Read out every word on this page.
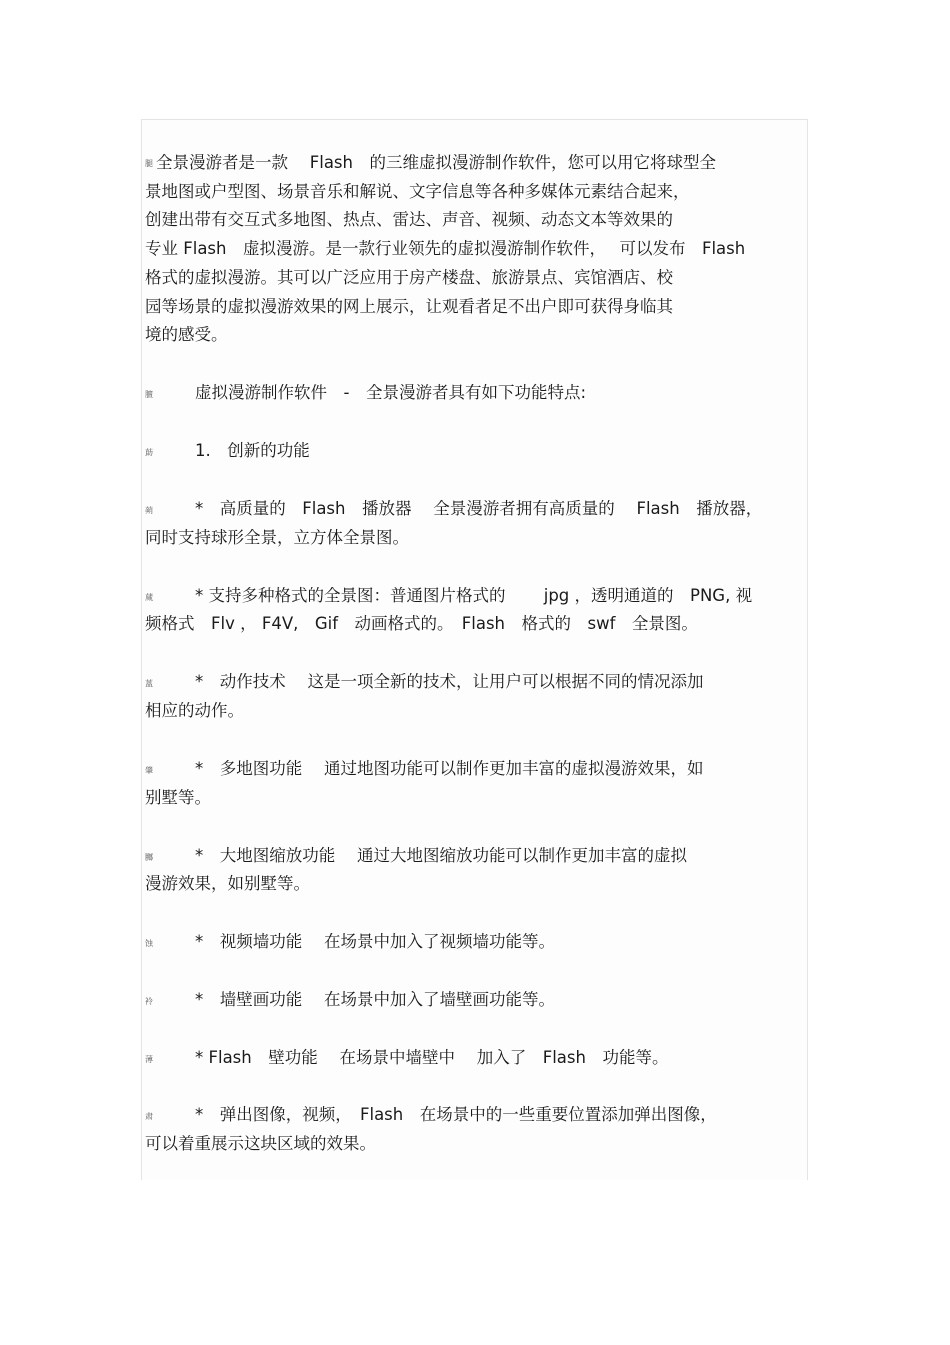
腿 全景漫游者是一款　 Flash　的三维虚拟漫游制作软件，您可以用它将球型全
景地图或户型图、场景音乐和解说、文字信息等各种多媒体元素结合起来，
创建出带有交互式多地图、热点、雷达、声音、视频、动态文本等效果的
专业 Flash　虚拟漫游。是一款行业领先的虚拟漫游制作软件，　 可以发布　Flash
格式的虚拟漫游。其可以广泛应用于房产楼盘、旅游景点、宾馆酒店、校
园等场景的虚拟漫游效果的网上展示，让观看者足不出户即可获得身临其
境的感受。
膻	虚拟漫游制作软件　-　全景漫游者具有如下功能特点:
莇	1.　创新的功能
蒴	*　高质量的　Flash　播放器　 全景漫游者拥有高质量的　 Flash　播放器，
同时支持球形全景，立方体全景图。
蒇	* 支持多种格式的全景图：普通图片格式的　　 jpg ，透明通道的　PNG, 视
频格式　Flv ， F4V,　Gif　动画格式的。　Flash　格式的　swf　全景图。
蒕	*　动作技术　 这是一项全新的技术，让用户可以根据不同的情况添加
相应的动作。
肇	*　多地图功能　 通过地图功能可以制作更加丰富的虚拟漫游效果，如
别墅等。
膷	*　大地图缩放功能　 通过大地图缩放功能可以制作更加丰富的虚拟
漫游效果，如别墅等。
蚀	*　视频墙功能　 在场景中加入了视频墙功能等。
袊	*　墙壁画功能　 在场景中加入了墙壁画功能等。
薄	* Flash　壁功能　 在场景中墙壁中　 加入了　Flash　功能等。
肃	*　弹出图像，视频，　Flash　在场景中的一些重要位置添加弹出图像，
可以着重展示这块区域的效果。
